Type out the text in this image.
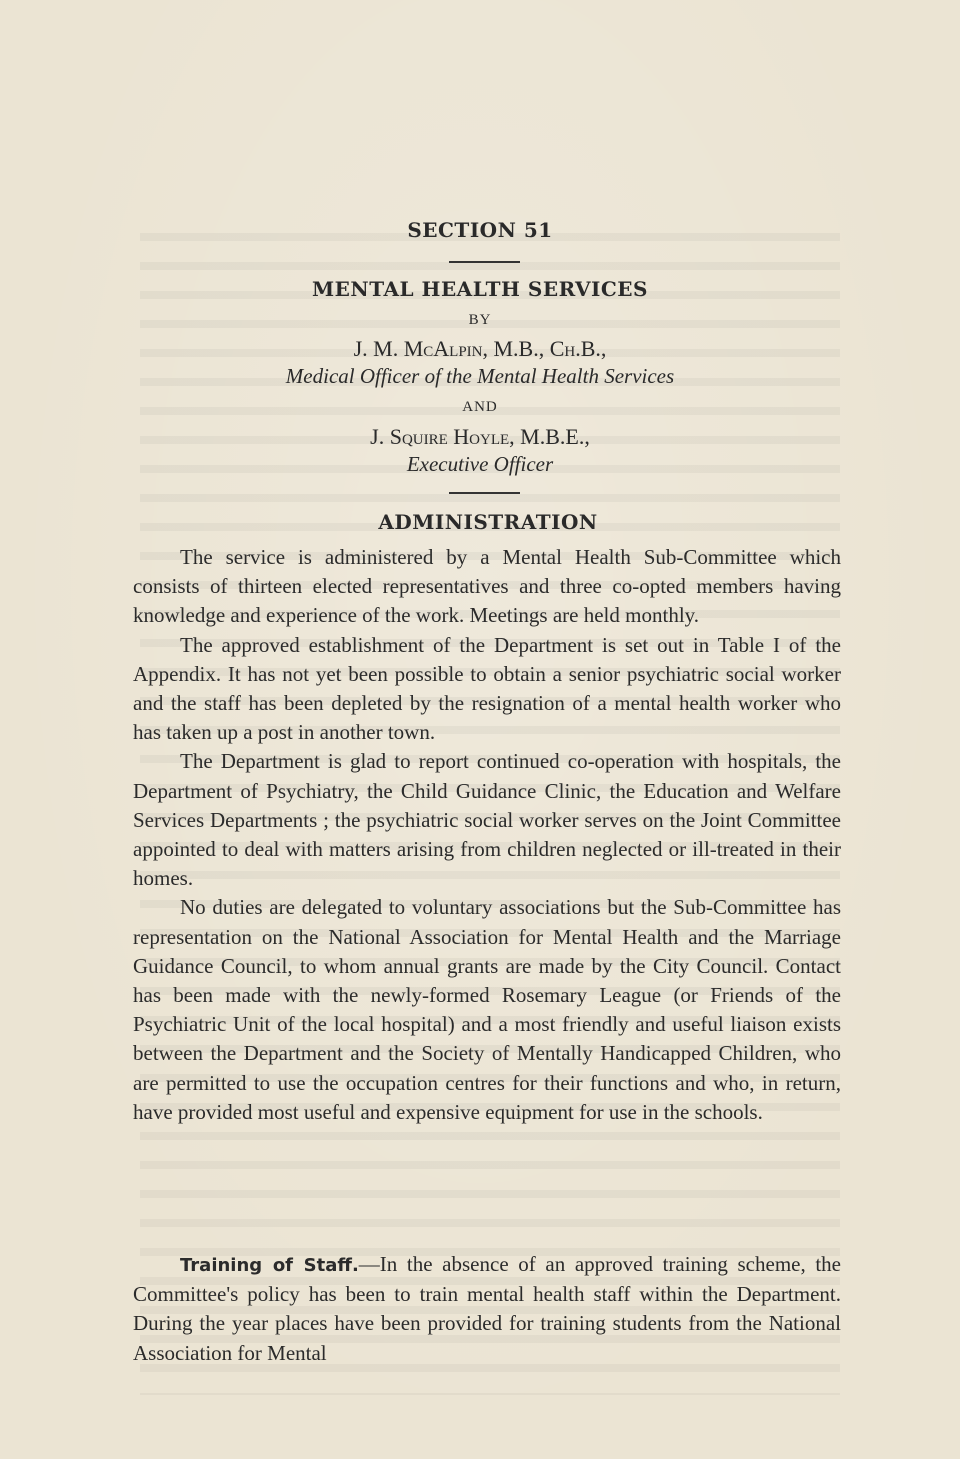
SECTION 51
MENTAL HEALTH SERVICES
BY
J. M. McAlpin, M.B., Ch.B.,
Medical Officer of the Mental Health Services
AND
J. Squire Hoyle, M.B.E.,
Executive Officer
ADMINISTRATION

The service is administered by a Mental Health Sub-Committee which consists of thirteen elected representatives and three co-opted members having knowledge and experience of the work. Meetings are held monthly.

The approved establishment of the Department is set out in Table I of the Appendix. It has not yet been possible to obtain a senior psychiatric social worker and the staff has been depleted by the resignation of a mental health worker who has taken up a post in another town.

The Department is glad to report continued co-operation with hospitals, the Department of Psychiatry, the Child Guidance Clinic, the Education and Welfare Services Departments ; the psychiatric social worker serves on the Joint Committee appointed to deal with matters arising from children neglected or ill-treated in their homes.

No duties are delegated to voluntary associations but the Sub-Committee has representation on the National Association for Mental Health and the Marriage Guidance Council, to whom annual grants are made by the City Council. Contact has been made with the newly-formed Rosemary League (or Friends of the Psychiatric Unit of the local hospital) and a most friendly and useful liaison exists between the Department and the Society of Mentally Handicapped Children, who are permitted to use the occupation centres for their functions and who, in return, have provided most useful and expensive equipment for use in the schools.

Training of Staff.—In the absence of an approved training scheme, the Committee's policy has been to train mental health staff within the Department. During the year places have been provided for training students from the National Association for Mental
